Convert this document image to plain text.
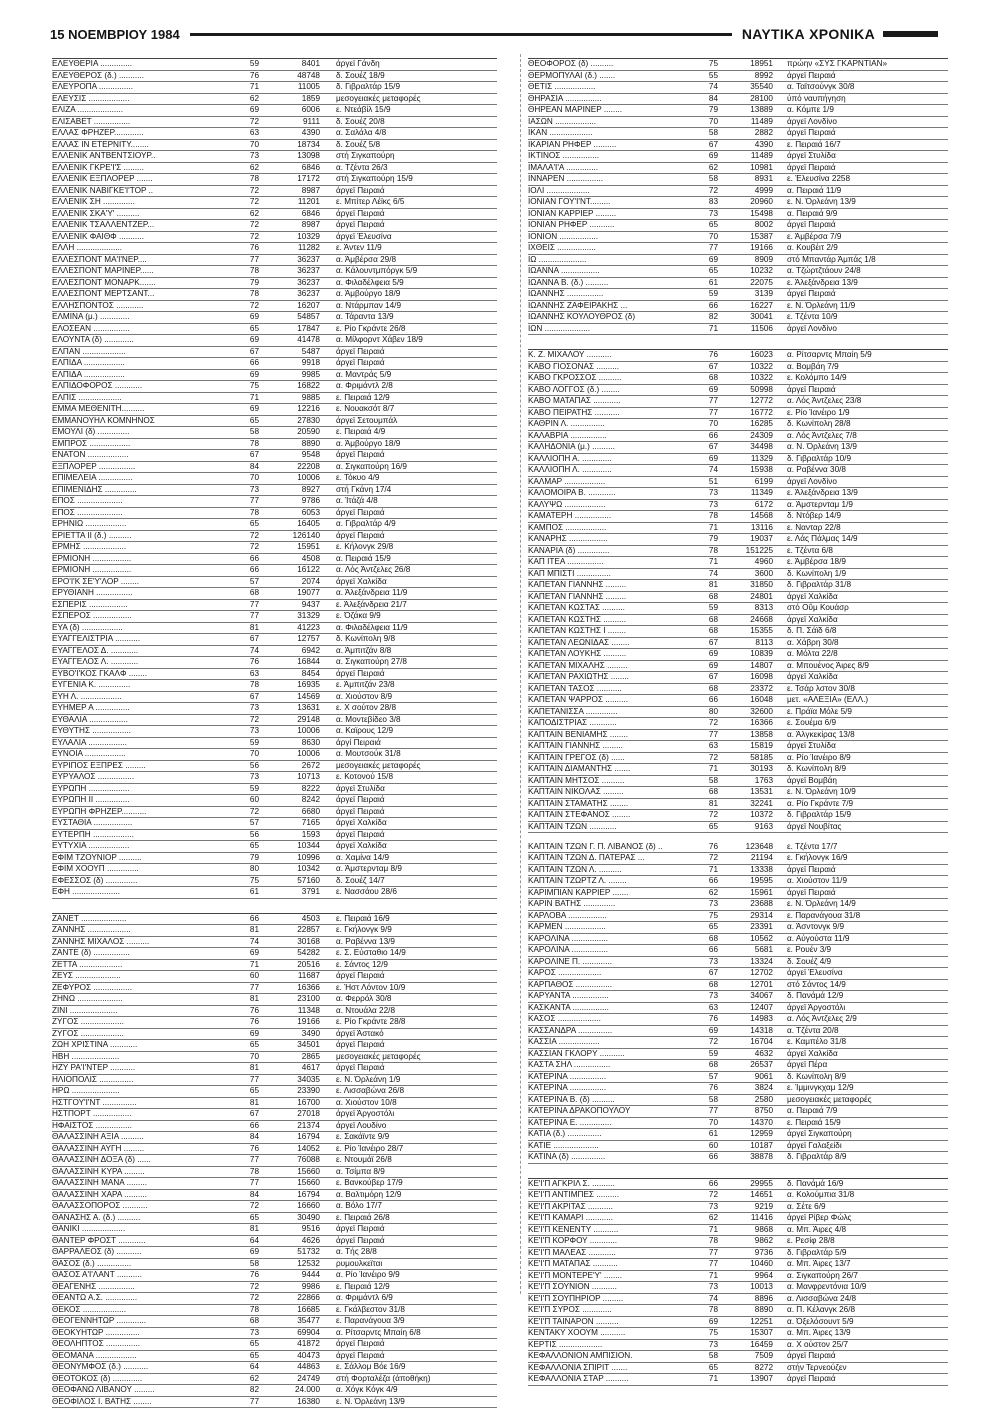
15 ΝΟΕΜΒΡΙΟΥ 1984	ΝΑΥΤΙΚΑ ΧΡΟΝΙΚΑ
ΕΛΕΥΘΕΡΙΑ ..............	59	8401	άργεϊ Γάνδη
ΕΛΕΥΘΕΡΟΣ (δ.) ...........	76	48748	δ. Σουέζ 18/9
ΕΛΕΥΡΟΠΑ ...............	71	11005	δ. Γιβραλτάρ 15/9
ΕΛΕΥΣΙΣ ..................	62	1859	μεσογειακές μεταφορές
ΕΛΙΖΑ ....................	69	6006	ε. Ντεάβίλ 15/9
ΕΛΙΣΑΒΕΤ ................	72	9111	δ. Σουέζ 20/8
ΕΛΛΑΣ ΦΡΗΖΕΡ.............	63	4390	α. Σαλάλα 4/8
ΕΛΛΑΣ ΙΝ ΕΤΕΡΝΙΤΥ........	70	18734	δ. Σουέζ 5/8
ΕΛΛΕΝΙΚ ΑΝΤΒΕΝΤΣΙΟΥΡ..	73	13098	στή Σιγκαπούρη
ΕΛΛΕΝΙΚ ΓΚΡΕ'Ι'Σ .........	62	6846	α. Τζέντα 26/3
ΕΛΛΕΝΙΚ ΕΞΠΛΟΡΕΡ .......	78	17172	στή Σιγκαπούρη 15/9
ΕΛΛΕΝΙΚ ΝΑΒΙΓΚΕ'Ι'ΤΟΡ ..	72	8987	άργεϊ Πειραιά
ΕΛΛΕΝΙΚ ΣΗ ..............	72	11201	ε. Μπίτερ Λέϊκς 6/5
ΕΛΛΕΝΙΚ ΣΚΑ'Υ' ..........	62	6846	άργεϊ Πειραιά
ΕΛΛΕΝΙΚ ΤΣΑΛΛΕΝΤΖΕΡ...	72	8987	άργεϊ Πειραιά
ΕΛΛΕΝΙΚ ΦΑΙΘΦ ...........	72	10329	άργεϊ Έλευσίνα
ΕΛΛΗ ....................	76	11282	ε. Άντεν 11/9
ΕΛΛΕΣΠΟΝΤ ΜΑ'Ι'ΝΕΡ....	77	36237	α. Άμβέρσα 29/8
ΕΛΛΕΣΠΟΝΤ ΜΑΡΙΝΕΡ......	78	36237	α. Κάλουντμπόργκ 5/9
ΕΛΛΕΣΠΟΝΤ ΜΟΝΑΡΚ.......	79	36237	α. Φιλαδέλφεια 5/9
ΕΛΛΕΣΠΟΝΤ ΜΕΡΤΣΑΝΤ...	78	36237	α. Άμβούργο 18/9
ΕΛΛΗΣΠΟΝΤΟΣ ............	72	16207	α. Ντάρμπαν 14/9
ΕΛΜΙΝΑ (μ.) .............	69	54857	α. Τάραντα 13/9
ΕΛΟΣΕΑΝ ................	65	17847	ε. Ρίο Γκράντε 26/8
ΕΛΟΥΝΤΑ (δ) .............	69	41478	α. Μίλφορντ Χάβεν 18/9
ΕΛΠΑΝ ...................	67	5487	άργεϊ Πειραιά
ΕΛΠΙΔΑ ..................	66	9918	άργεϊ Πειραιά
ΕΛΠΙΔΑ ..................	69	9985	α. Μαντράς 5/9
ΕΛΠΙΔΟΦΟΡΟΣ ............	75	16822	α. Φριμάντλ 2/8
ΕΛΠΙΣ ...................	71	9885	ε. Πειραιά 12/9
ΕΜΜΑ ΜΕΘΕΝΙΤΗ..........	69	12216	ε. Νουακσότ 8/7
ΕΜΜΑΝΟΥΗΛ ΚΟΜΝΗΝΟΣ	65	27830	άργεϊ Σετουμπάλ
ΕΜΟΥΛΙ (δ) ..............	58	20590	ε. Πειραιά 4/9
ΕΜΠΡΟΣ ..................	78	8890	α. Άμβούργο 18/9
ΕΝΑΤΟΝ ..................	67	9548	άργεϊ Πειραιά
ΕΞΠΛΟΡΕΡ ................	84	22208	α. Σιγκαπούρη 16/9
ΕΠΙΜΕΛΕΙΑ ...............	70	10006	ε. Τόκυο 4/9
ΕΠΙΜΕΝΙΔΗΣ ..............	73	8927	στή Γκάνη 17/4
ΕΠΟΣ ....................	77	9786	α. Ίτάζά 4/8
ΕΠΟΣ ....................	78	6053	άργεϊ Πειραιά
ΕΡΗΝΙΩ ..................	65	16405	α. Γιβραλτάρ 4/9
ΕΡΙΕΤΤΑ ΙΙ (δ.) ..........	72	126140	άργεϊ Πειραιά
ΕΡΜΗΣ ...................	72	15951	ε. Κήλονγκ 29/8
ΕΡΜΙΟΝΗ .................	66	4508	α. Πειραιά 15/9
ΕΡΜΙΟΝΗ .................	66	16122	α. Λός Άντζελες 26/8
ΕΡΟ'Ι'Κ ΣΕ'Υ'ΛΟΡ ........	57	2074	άργεϊ Χαλκίδα
ΕΡΥΘΙΑΝΗ ................	68	19077	α. Άλεξάνδρεια 11/9
ΕΣΠΕΡΙΣ .................	77	9437	ε. Άλεξάνδρεια 21/7
ΕΣΠΕΡΟΣ .................	77	31329	ε. Όζάκα 9/9
ΕΥΑ (δ) ..................	81	41223	α. Φιλαδέλφεια 11/9
ΕΥΑΓΓΕΛΙΣΤΡΙΑ ...........	67	12757	δ. Κωνίπολη 9/8
ΕΥΑΓΓΕΛΟΣ Δ. ............	74	6942	α. Άμπιτζάν 8/8
ΕΥΑΓΓΕΛΟΣ Λ. ............	76	16844	α. Σιγκαπούρη 27/8
ΕΥΒΟ'Ι'ΚΟΣ ΓΚΑΛΦ ........	63	8454	άργεϊ Πειραιά
ΕΥΓΕΝΙΑ Κ. ..............	78	16935	ε. Άμπιτζάν 23/8
ΕΥΗ Λ. ..................	67	14569	α. Χιούστον 8/9
ΕΥΗΜΕΡ Α ...............	73	13631	ε. Χ σούτον 28/8
ΕΥΘΑΛΙΑ .................	72	29148	α. Μοντεβίδεο 3/8
ΕΥΘΥΤΗΣ .................	73	10006	α. Καϊρους 12/9
ΕΥΛΑΛΙΑ .................	59	8630	άργί Πειραιά
ΕΥΝΟΙΑ ..................	70	10006	α. Μουτσούκ 31/8
ΕΥΡΙΠΟΣ ΕΞΠΡΕΣ .........	56	2672	μεσογειακές μεταφορές
ΕΥΡΥΑΛΟΣ ................	73	10713	ε. Κοτονού 15/8
ΕΥΡΩΠΗ ..................	59	8222	άργεϊ Στυλίδα
ΕΥΡΩΠΗ ΙΙ ...............	60	8242	άργεϊ Πειραιά
ΕΥΡΩΠΗ ΦΡΗΖΕΡ...........	72	6680	άργεϊ Πειραιά
ΕΥΣΤΑΘΙΑ .................	57	7165	άργεϊ Χαλκίδα
ΕΥΤΕΡΠΗ ..................	56	1593	άργεϊ Πειραιά
ΕΥΤΥΧΙΑ ..................	65	10344	άργεϊ Χαλκίδα
ΕΦΙΜ ΤΖΟΥΝΙΟΡ ..........	79	10996	α. Χαμίνα 14/9
ΕΦΙΜ ΧΟΟΥΠ ..............	80	10342	α. Άμστερνταμ 8/9
ΕΦΕΣΣΟΣ (δ) ..............	75	57160	δ. Σουέζ 14/7
ΕΦΗ .....................	61	3791	ε. Νασσάου 28/6
ΖΑΝΕΤ ....................	66	4503	ε. Πειραιά 16/9
ΖΑΝΝΗΣ ...................	81	22857	ε. Γκήλονγκ 9/9
ΖΑΝΝΗΣ ΜΙΧΑΛΟΣ ..........	74	30168	α. Ραβέννα 13/9
ΖΑΝΤΕ (δ) ................	69	54282	ε. Σ. Εύσταθιο 14/9
ΖΕΤΤΑ ...................	71	20516	ε. Σάντος 12/9
ΖΕΥΣ ....................	60	11687	άργεϊ Πειραιά
ΖΕΦΥΡΟΣ .................	77	16366	ε. Ήστ Λόντον 10/9
ΖΗΝΩ ....................	81	23100	α. Φερρόλ 30/8
ΖΙΝΙ .....................	76	11348	α. Ντουάλα 22/8
ΖΥΓΟΣ ...................	76	19166	ε. Ρίο Γκράντε 28/8
ΖΥΓΟΣ ...................	69	3490	άργεϊ Άστακό
ΖΩΗ ΧΡΙΣΤΙΝΑ ............	65	34501	άργεϊ Πειραιά
ΗΒΗ .....................	70	2865	μεσογειακές μεταφορές
ΗΖΥ ΡΑ'Ι'ΝΤΕΡ ...........	81	4617	άργεϊ Πειραιά
ΗΛΙΟΠΟΛΙΣ ...............	77	34035	ε. Ν. Όρλεάνη 1/9
ΗΡΩ .....................	65	23390	ε. Λισσαβώνα 26/8
ΗΣΤΓΟΥ'Ι'ΝΤ ...............	81	16700	α. Χιούστον 10/8
ΗΣΤΠΟΡΤ .................	67	27018	άργεϊ Άργοστόλι
ΗΦΑΙΣΤΟΣ ................	66	21374	άργεϊ Λουδίνο
ΘΑΛΑΣΣΙΝΗ ΑΞΙΑ ..........	84	16794	ε. Σακάϊντε 9/9
ΘΑΛΑΣΣΙΝΗ ΑΥΓΗ .........	76	14052	ε. Ρίο Ίανέιρο 28/7
ΘΑΛΑΣΣΙΝΗ ΔΟΞΑ (δ) ......	77	76088	ε. Ντουμάϊ 26/8
ΘΑΛΑΣΣΙΝΗ ΚΥΡΑ .........	78	15660	α. Τσίμπα 8/9
ΘΑΛΑΣΣΙΝΗ ΜΑΝΑ .........	77	15660	ε. Βανκούβερ 17/9
ΘΑΛΑΣΣΙΝΗ ΧΑΡΑ ..........	84	16794	α. Βαλτιμόρη 12/9
ΘΑΛΑΣΣΟΠΟΡΟΣ ...........	72	16660	α. Βόλο 17/7
ΘΑΝΑΣΗΣ Α. (δ.) ..........	65	30490	ε. Πειραιά 26/8
ΘΑΝΙΚΙ ...................	81	9516	άργεϊ Πειραιά
ΘΑΝΤΕΡ ΦΡΟΣΤ ............	64	4626	άργεϊ Πειραιά
ΘΑΡΡΑΛΕΟΣ (δ) ...........	69	51732	α. Τής 28/8
ΘΑΣΟΣ (δ.) ...............	58	12532	ρυμουλκεϊται
ΘΑΣΟΣ Α'Ι'ΛΑΝΤ ...........	76	9444	α. Ρίο Ίανέιρο 9/9
ΘΕΑΓΕΝΗΣ ................	72	9986	ε. Πειραιά 12/9
ΘΕΑΝΤΩ Α.Σ. ..............	72	22866	α. Φριμάντλ 6/9
ΘΕΚΟΣ ...................	78	16685	ε. Γκάλβεστον 31/8
ΘΕΟΓΕΝΝΗΤΩΡ .............	68	35477	ε. Παρανάγουα 3/9
ΘΕΟΚΥΗΤΩΡ ...............	73	69904	α. Ρίτσαρντς Μπαίη 6/8
ΘΕΟΛΗΠΤΟΣ ...............	65	41872	άργεϊ Πειραιά
ΘΕΟΜΑΝΑ ..................	65	40473	άργεϊ Πειραιά
ΘΕΟΝΥΜΦΟΣ (δ.) ...........	64	44863	ε. Σάλλομ Βόε 16/9
ΘΕΟΤΟΚΟΣ (δ) .............	62	24749	στή Φορταλέζα (άποθήκη)
ΘΕΟΦΑΝΩ ΛΙΒΑΝΟΥ .........	82	24.000	α. Χόγκ Κόγκ 4/9
ΘΕΟΦΙΛΟΣ Ι. ΒΑΤΗΣ ........	77	16380	ε. Ν. Όρλεάνη 13/9
ΘΕΟΦΟΡΟΣ (δ) ..........	75	18951	πρώην «ΣΥΣ ΓΚΑΡΝΤΙΑΝ»
ΘΕΡΜΟΠΥΛΑΙ (δ.) .......	55	8992	άργεϊ Πειραιά
ΘΕΤΙΣ ..................	74	35540	α. Ταϊτσούνγκ 30/8
ΘΗΡΑΣΙΑ ................	84	28100	ύπό ναυπήγηση
ΘΗΡΕΑΝ ΜΑΡΙΝΕΡ ........	79	13889	α. Κόμπε 1/9
ΙΑΣΩΝ ..................	70	11489	άργεϊ Λονδίνο
ΙΚΑΝ ...................	58	2882	άργεϊ Πειραιά
ΙΚΑΡΙΑΝ ΡΗΦΕΡ ..........	67	4390	ε. Πειραιά 16/7
ΙΚΤΙΝΟΣ ................	69	11489	άργεϊ Στυλίδα
ΙΜΑΛΑ'Ι'Α ..............	62	10981	άργεϊ Πειραιά
ΙΝΝΑΡΕΝ ................	58	8931	ε. Έλευσίνα 2258
ΙΟΛΙ ...................	72	4999	α. Πειραιά 11/9
ΙΟΝΙΑΝ ΓΟΥ'Ι'ΝΤ.........	83	20960	ε. Ν. Όρλεάνη 13/9
ΙΟΝΙΑΝ ΚΑΡΡΙΕΡ .........	73	15498	α. Πειραιά 9/9
ΙΟΝΙΑΝ ΡΗΦΕΡ ...........	65	8002	άργεϊ Πειραιά
ΙΟΝΙΟΝ .................	70	15387	ε. Άμβέρσα 7/9
ΙΧΘΕΙΣ .................	77	19166	α. Κουβέιτ 2/9
ΙΩ .....................	69	8909	στό Μπαντάρ Άμπάς 1/8
ΙΩΑΝΝΑ .................	65	10232	α. Τζώρτζτάουν 24/8
ΙΩΑΝΝΑ Β. (δ.) ..........	61	22075	ε. Άλεξάνδρεια 13/9
ΙΩΑΝΝΗΣ ................	59	3139	άργεϊ Πειραιά
ΙΩΑΝΝΗΣ ΖΑΦΕΙΡΑΚΗΣ ...	66	16227	ε. Ν. Όρλεάνη 11/9
ΙΩΑΝΝΗΣ ΚΟΥΛΟΥΘΡΟΣ (δ)	82	30041	ε. Τζέντα 10/9
ΙΩΝ ....................	71	11506	άργεϊ Λονδίνο
Κ. Ζ. ΜΙΧΑΛΟΥ ...........	76	16023	α. Ρίτσαρντς Μπαίη 5/9
ΚΑΒΟ ΓΙΟΣΟΝΑΣ ..........	67	10322	α. Βομβάη 7/9
ΚΑΒΟ ΓΚΡΟΣΣΟΣ ..........	68	10322	ε. Κολόμπο 14/9
ΚΑΒΟ ΛΟΓΓΟΣ (δ.) ........	69	50998	άργεϊ Πειραιά
ΚΑΒΟ ΜΑΤΑΠΑΣ ............	77	12772	α. Λός Άντζελες 23/8
ΚΑΒΟ ΠΕΙΡΑΤΗΣ ...........	77	16772	ε. Ρίο Ίανέιρο 1/9
ΚΑΘΡΙΝ Λ. ...............	70	16285	δ. Κωνίπολη 28/8
ΚΑΛΑΒΡΙΑ ................	66	24309	α. Λός Άντζελες 7/8
ΚΑΛΗΔΟΝΙΑ (μ.) ..........	67	34498	α. Ν. Όρλεάνη 13/9
ΚΑΛΛΙΟΠΗ Α. .............	69	11329	δ. Γιβραλτάρ 10/9
ΚΑΛΛΙΟΠΗ Λ. .............	74	15938	α. Ραβέννα 30/8
ΚΑΛΜΑΡ ..................	51	6199	άργεϊ Λονδίνο
ΚΑΛΟΜΟΙΡΑ Β. ............	73	11349	ε. Άλεξάνδρεια 13/9
ΚΑΛΥΨΩ ..................	73	6172	α. Άμστερνταμ 1/9
ΚΑΜΑΤΕΡΗ ................	78	14568	δ. Ντόβερ 14/9
ΚΑΜΠΟΣ ..................	71	13116	ε. Νανταρ 22/8
ΚΑΝΑΡΗΣ .................	79	19037	ε. Λάς Πάλμας 14/9
ΚΑΝΑΡΙΑ (δ) ..............	78	151225	ε. Τζέντα 6/8
ΚΑΠ ΙΤΕΑ ................	71	4960	ε. Άμβέρσα 18/9
ΚΑΠ ΜΠΙΣΤΙ ...............	74	3600	δ. Κωνίπολη 1/9
ΚΑΠΕΤΑΝ ΓΙΑΝΝΗΣ .........	81	31850	δ. Γιβραλτάρ 31/8
ΚΑΠΕΤΑΝ ΓΙΑΝΝΗΣ .........	68	24801	άργεϊ Χαλκίδα
ΚΑΠΕΤΑΝ ΚΩΣΤΑΣ ..........	59	8313	στό Οΰμ Κουάσρ
ΚΑΠΕΤΑΝ ΚΩΣΤΗΣ ..........	68	24668	άργεϊ Χαλκίδα
ΚΑΠΕΤΑΝ ΚΩΣΤΗΣ Ι ........	68	15355	δ. Π. Σάϊδ 6/8
ΚΑΠΕΤΑΝ ΛΕΩΝΙΔΑΣ ........	67	8113	α. Χάβρη 30/8
ΚΑΠΕΤΑΝ ΛΟΥΚΗΣ ..........	69	10839	α. Μόλτα 22/8
ΚΑΠΕΤΑΝ ΜΙΧΑΛΗΣ .........	69	14807	α. Μπουένος Άιρες 8/9
ΚΑΠΕΤΑΝ ΡΑΧΙΩΤΗΣ ........	67	16098	άργεϊ Χαλκίδα
ΚΑΠΕΤΑΝ ΤΑΣΟΣ ...........	68	23372	ε. Τσάρ λστον 30/8
ΚΑΠΕΤΑΝ ΨΑΡΡΟΣ ..........	66	16048	μετ. «ΑΛΕΞΙΑ» (ΕΛΛ.)
ΚΑΠΕΤΑΝΙΣΣΑ ..............	80	32600	ε. Πράϊα Μόλε 5/9
ΚΑΠΟΔΙΣΤΡΙΑΣ ............	72	16366	ε. Σουέμα 6/9
ΚΑΠΤΑΙΝ ΒΕΝΙΑΜΗΣ ........	77	13858	α. Άλγκεκίρας 13/8
ΚΑΠΤΑΙΝ ΓΙΑΝΝΗΣ .........	63	15819	άργεϊ Στυλίδα
ΚΑΠΤΑΙΝ ΓΡΕΓΟΣ (δ) ......	72	58185	α. Ρίο Ίανέιρο 8/9
ΚΑΠΤΑΙΝ ΔΙΑΜΑΝΤΗΣ .......	71	30193	δ. Κωνίπολη 8/9
ΚΑΠΤΑΙΝ ΜΗΤΣΟΣ ..........	58	1763	άργεϊ Βομβάη
ΚΑΠΤΑΙΝ ΝΙΚΟΛΑΣ .........	68	13531	ε. Ν. Όρλεάνη 10/9
ΚΑΠΤΑΙΝ ΣΤΑΜΑΤΗΣ ........	81	32241	α. Ρίο Γκράντε 7/9
ΚΑΠΤΑΙΝ ΣΤΕΦΑΝΟΣ ........	72	10372	δ. Γιβραλτάρ 15/9
ΚΑΠΤΑΙΝ ΤΖΩΝ ............	65	9163	άργεϊ Νουβίτας
ΚΑΠΤΑΙΝ ΤΖΩΝ Γ. Π. ΛΙΒΑΝΟΣ (δ) ..	76	123648	ε. Τζέντα 17/7
ΚΑΠΤΑΙΝ ΤΖΩΝ Δ. ΠΑΤΕΡΑΣ ...	72	21194	ε. Γκήλονγκ 16/9
ΚΑΠΤΑΙΝ ΤΖΩΝ Λ. ..........	71	13338	άργεϊ Πειραιά
ΚΑΠΤΑΙΝ ΤΖΩΡΤΖ Λ. ........	66	19595	α. Χιούστον 11/9
ΚΑΡΙΜΠΙΑΝ ΚΑΡΡΙΕΡ .......	62	15961	άργεϊ Πειραιά
ΚΑΡΙΝ ΒΑΤΗΣ ..............	73	23688	ε. Ν. Όρλεάνη 14/9
ΚΑΡΛΟΒΑ .................	75	29314	ε. Παρανάγουα 31/8
ΚΑΡΜΕΝ ..................	65	23391	α. Άσντονγκ 9/9
ΚΑΡΟΛΙΝΑ ................	68	10562	α. Αύγούστα 11/9
ΚΑΡΟΛΙΝΑ ................	66	5681	ε. Ρουέν 3/9
ΚΑΡΟΛΙΝΕ Π. .............	73	13324	δ. Σουέζ 4/9
ΚΑΡΟΣ ...................	67	12702	άργεϊ Έλευσίνα
ΚΑΡΠΑΘΟΣ ................	68	12701	στό Σάντος 14/9
ΚΑΡΥΑΝΤΑ ................	73	34067	δ. Πανάμά 12/9
ΚΑΣΚΑΝΤΑ ................	63	12407	άργεϊ Άργοστόλι
ΚΑΣΟΣ ...................	76	14983	α. Λός Άντζελες 2/9
ΚΑΣΣΑΝΔΡΑ ...............	69	14318	α. Τζέντα 20/8
ΚΑΣΣΙΑ ..................	72	16704	ε. Καμπέλο 31/8
ΚΑΣΣΙΑΝ ΓΚΛΟΡΥ ...........	59	4632	άργεϊ Χαλκίδα
ΚΑΣΤΑ ΣΗΛ ................	68	26537	άργεϊ Πέρα
ΚΑΤΕΡΙΝΑ ................	57	9061	δ. Κωνίπολη 8/9
ΚΑΤΕΡΙΝΑ ................	76	3824	ε. Ίμμινγκχαμ 12/9
ΚΑΤΕΡΙΝΑ Β. (δ) ..........	58	2580	μεσογειακές μεταφορές
ΚΑΤΕΡΙΝΑ ΔΡΑΚΟΠΟΥΛΟΥ	77	8750	α. Πειραιά 7/9
ΚΑΤΕΡΙΝΑ Ε. ..............	70	14370	ε. Πειραιά 15/9
ΚΑΤΙΑ (δ.) ...............	61	12959	άργεϊ Σιγκαπούρη
ΚΑΤΙΕ ....................	60	10187	άργεϊ Γαλαξείδι
ΚΑΤΙΝΑ (δ) ...............	66	38878	δ. Γιβραλτάρ 8/9
ΚΕ'Ι'Π ΑΓΚΡΙΛ Σ. ..........	66	29955	δ. Πανάμά 16/9
ΚΕ'Ι'Π ΑΝΤΙΜΠΕΣ ..........	72	14651	α. Κολούμπια 31/8
ΚΕ'Ι'Π ΑΚΡΙΤΑΣ ...........	73	9219	α. Σέτε 6/9
ΚΕ'Ι'Π ΚΑΜΑΡΙ ............	62	11416	άργεϊ Ρίβερ Φώλς
ΚΕ'Ι'Π ΚΕΝΕΝΤΥ ...........	71	9868	α. Μπ. Άιρες 4/8
ΚΕ'Ι'Π ΚΟΡΦΟΥ ............	78	9862	ε. Ρεσίφ 28/8
ΚΕ'Ι'Π ΜΑΛΕΑΣ ............	77	9736	δ. Γιβραλτάρ 5/9
ΚΕ'Ι'Π ΜΑΤΑΠΑΣ ...........	77	10460	α. Μπ. Άιρες 13/7
ΚΕ'Ι'Π ΜΟΝΤΕΡΕ'Υ' ........	71	9964	α. Σιγκαπούρη 26/7
ΚΕ'Ι'Π ΣΟΥΝΙΟΝ ...........	73	10013	α. Μανφρεντόνια 10/9
ΚΕ'Ι'Π ΣΟΥΠΗΡΙΟΡ .........	74	8896	α. Λισσαβώνα 24/8
ΚΕ'Ι'Π ΣΥΡΟΣ .............	78	8890	α. Π. Κέλανγκ 26/8
ΚΕ'Ι'Π ΤΑΙΝΑΡΟΝ ..........	69	12251	α. Όξελόσουντ 5/9
ΚΕΝΤΑΚΥ ΧΟΟΥΜ ...........	75	15307	α. Μπ. Άιρες 13/9
ΚΕΡΤΙΣ ...................	73	16459	α. Χ ούστον 25/7
ΚΕΦΑΛΛΟΝΙΟΝ ΑΜΠΙΣΙΟΝ.	58	7509	άργεϊ Πειραιά
ΚΕΦΑΛΛΟΝΙΑ ΣΠΙΡΙΤ .......	65	8272	στήν Τερνεούζεν
ΚΕΦΑΛΛΟΝΙΑ ΣΤΑΡ ..........	71	13907	άργεϊ Πειραιά
